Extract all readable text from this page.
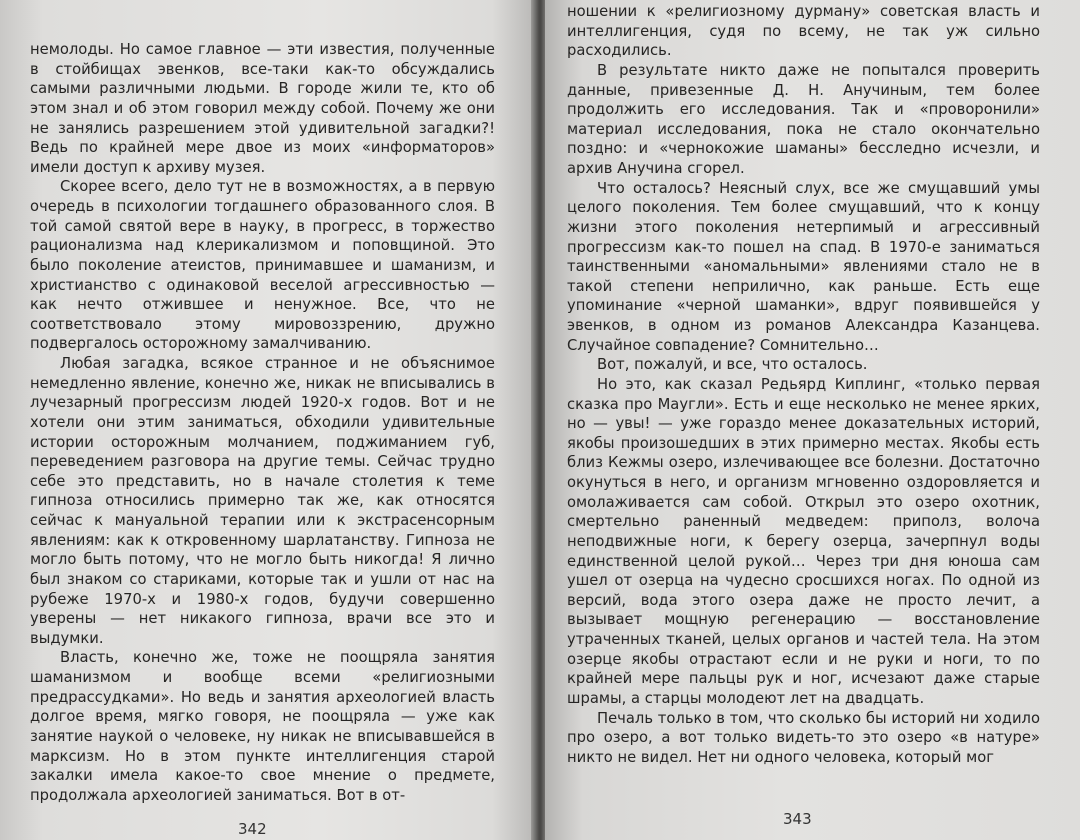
немолоды. Но самое главное — эти известия, полученные в стойбищах эвенков, все-таки как-то обсуждались самыми различными людьми. В городе жили те, кто об этом знал и об этом говорил между собой. Почему же они не занялись разрешением этой удивительной загадки?! Ведь по крайней мере двое из моих «информаторов» имели доступ к архиву музея.

Скорее всего, дело тут не в возможностях, а в первую очередь в психологии тогдашнего образованного слоя. В той самой святой вере в науку, в прогресс, в торжество рационализма над клерикализмом и поповщиной. Это было поколение атеистов, принимавшее и шаманизм, и христианство с одинаковой веселой агрессивностью — как нечто отжившее и ненужное. Все, что не соответствовало этому мировоззрению, дружно подвергалось осторожному замалчиванию.

Любая загадка, всякое странное и не объяснимое немедленно явление, конечно же, никак не вписывались в лучезарный прогрессизм людей 1920-х годов. Вот и не хотели они этим заниматься, обходили удивительные истории осторожным молчанием, поджиманием губ, переведением разговора на другие темы. Сейчас трудно себе это представить, но в начале столетия к теме гипноза относились примерно так же, как относятся сейчас к мануальной терапии или к экстрасенсорным явлениям: как к откровенному шарлатанству. Гипноза не могло быть потому, что не могло быть никогда! Я лично был знаком со стариками, которые так и ушли от нас на рубеже 1970-х и 1980-х годов, будучи совершенно уверены — нет никакого гипноза, врачи все это и выдумки.

Власть, конечно же, тоже не поощряла занятия шаманизмом и вообще всеми «религиозными предрассудками». Но ведь и занятия археологией власть долгое время, мягко говоря, не поощряла — уже как занятие наукой о человеке, ну никак не вписывавшейся в марксизм. Но в этом пункте интеллигенция старой закалки имела какое-то свое мнение о предмете, продолжала археологией заниматься. Вот в от-

342

ношении к «религиозному дурману» советская власть и интеллигенция, судя по всему, не так уж сильно расходились.

В результате никто даже не попытался проверить данные, привезенные Д. Н. Анучиным, тем более продолжить его исследования. Так и «проворонили» материал исследования, пока не стало окончательно поздно: и «чернокожие шаманы» бесследно исчезли, и архив Анучина сгорел.

Что осталось? Неясный слух, все же смущавший умы целого поколения. Тем более смущавший, что к концу жизни этого поколения нетерпимый и агрессивный прогрессизм как-то пошел на спад. В 1970-е заниматься таинственными «аномальными» явлениями стало не в такой степени неприлично, как раньше. Есть еще упоминание «черной шаманки», вдруг появившейся у эвенков, в одном из романов Александра Казанцева. Случайное совпадение? Сомнительно…

Вот, пожалуй, и все, что осталось.

Но это, как сказал Редьярд Киплинг, «только первая сказка про Маугли». Есть и еще несколько не менее ярких, но — увы! — уже гораздо менее доказательных историй, якобы произошедших в этих примерно местах. Якобы есть близ Кежмы озеро, излечивающее все болезни. Достаточно окунуться в него, и организм мгновенно оздоровляется и омолаживается сам собой. Открыл это озеро охотник, смертельно раненный медведем: приполз, волоча неподвижные ноги, к берегу озерца, зачерпнул воды единственной целой рукой… Через три дня юноша сам ушел от озерца на чудесно сросшихся ногах. По одной из версий, вода этого озера даже не просто лечит, а вызывает мощную регенерацию — восстановление утраченных тканей, целых органов и частей тела. На этом озерце якобы отрастают если и не руки и ноги, то по крайней мере пальцы рук и ног, исчезают даже старые шрамы, а старцы молодеют лет на двадцать.

Печаль только в том, что сколько бы историй ни ходило про озеро, а вот только видеть-то это озеро «в натуре» никто не видел. Нет ни одного человека, который мог

343
